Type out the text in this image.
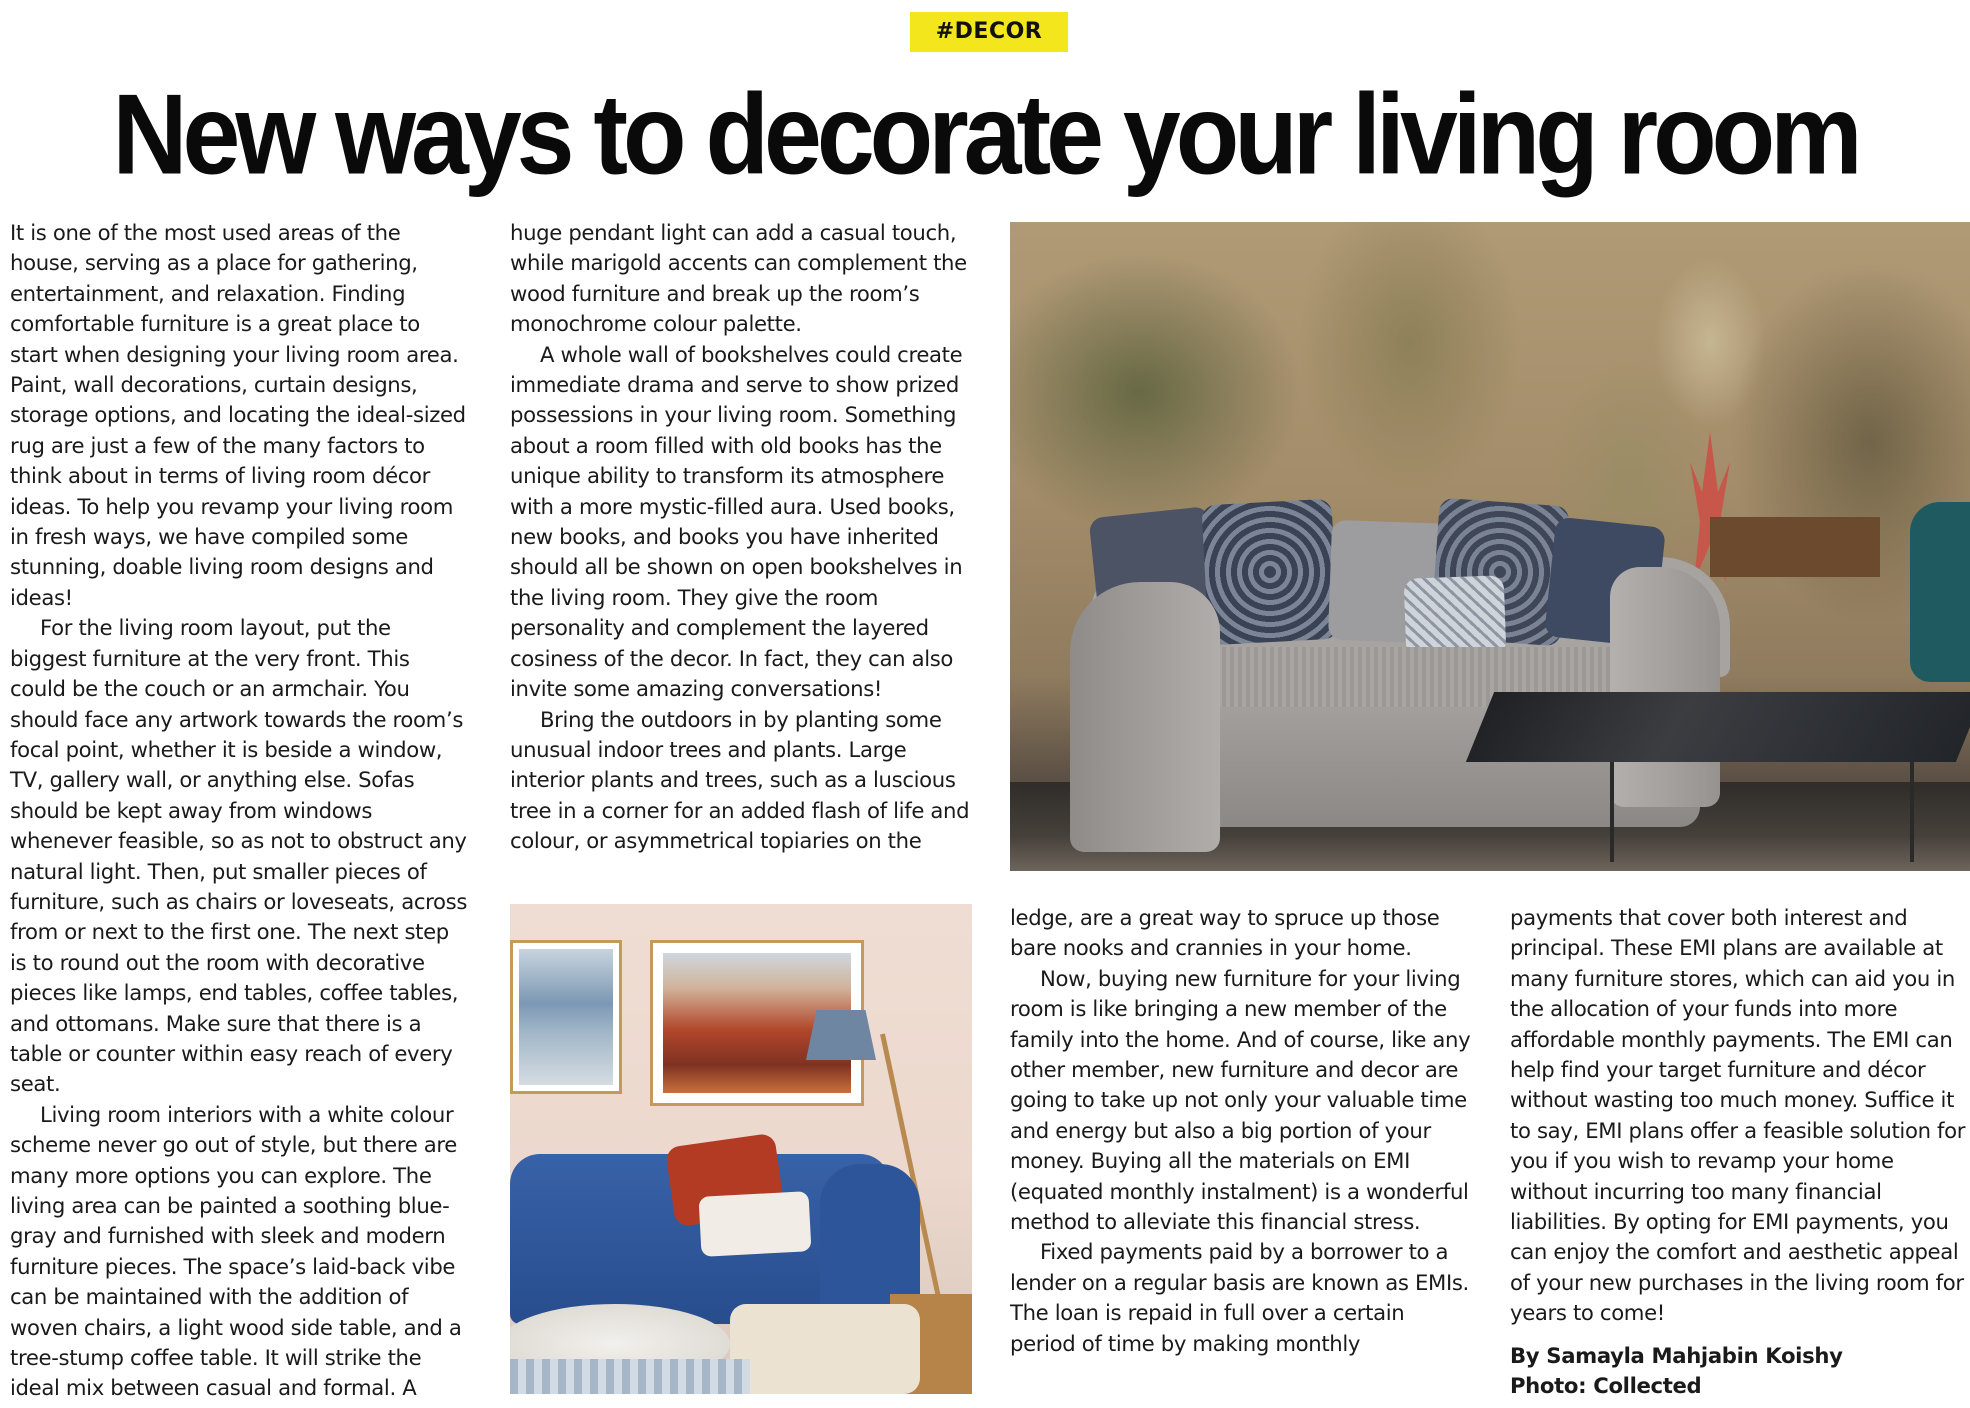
#DECOR
New ways to decorate your living room

It is one of the most used areas of the house, serving as a place for gathering, entertainment, and relaxation. Finding comfortable furniture is a great place to start when designing your living room area. Paint, wall decorations, curtain designs, storage options, and locating the ideal-sized rug are just a few of the many factors to think about in terms of living room décor ideas. To help you revamp your living room in fresh ways, we have compiled some stunning, doable living room designs and ideas!

For the living room layout, put the biggest furniture at the very front. This could be the couch or an armchair. You should face any artwork towards the room’s focal point, whether it is beside a window, TV, gallery wall, or anything else. Sofas should be kept away from windows whenever feasible, so as not to obstruct any natural light. Then, put smaller pieces of furniture, such as chairs or loveseats, across from or next to the first one. The next step is to round out the room with decorative pieces like lamps, end tables, coffee tables, and ottomans. Make sure that there is a table or counter within easy reach of every seat.

Living room interiors with a white colour scheme never go out of style, but there are many more options you can explore. The living area can be painted a soothing blue-gray and furnished with sleek and modern furniture pieces. The space’s laid-back vibe can be maintained with the addition of woven chairs, a light wood side table, and a tree-stump coffee table. It will strike the ideal mix between casual and formal. A

huge pendant light can add a casual touch, while marigold accents can complement the wood furniture and break up the room’s monochrome colour palette.

A whole wall of bookshelves could create immediate drama and serve to show prized possessions in your living room. Something about a room filled with old books has the unique ability to transform its atmosphere with a more mystic-filled aura. Used books, new books, and books you have inherited should all be shown on open bookshelves in the living room. They give the room personality and complement the layered cosiness of the decor. In fact, they can also invite some amazing conversations!

Bring the outdoors in by planting some unusual indoor trees and plants. Large interior plants and trees, such as a luscious tree in a corner for an added flash of life and colour, or asymmetrical topiaries on the

ledge, are a great way to spruce up those bare nooks and crannies in your home.

Now, buying new furniture for your living room is like bringing a new member of the family into the home. And of course, like any other member, new furniture and decor are going to take up not only your valuable time and energy but also a big portion of your money. Buying all the materials on EMI (equated monthly instalment) is a wonderful method to alleviate this financial stress.

Fixed payments paid by a borrower to a lender on a regular basis are known as EMIs. The loan is repaid in full over a certain period of time by making monthly

payments that cover both interest and principal. These EMI plans are available at many furniture stores, which can aid you in the allocation of your funds into more affordable monthly payments. The EMI can help find your target furniture and décor without wasting too much money. Suffice it to say, EMI plans offer a feasible solution for you if you wish to revamp your home without incurring too many financial liabilities. By opting for EMI payments, you can enjoy the comfort and aesthetic appeal of your new purchases in the living room for years to come!

By Samayla Mahjabin Koishy

Photo: Collected
